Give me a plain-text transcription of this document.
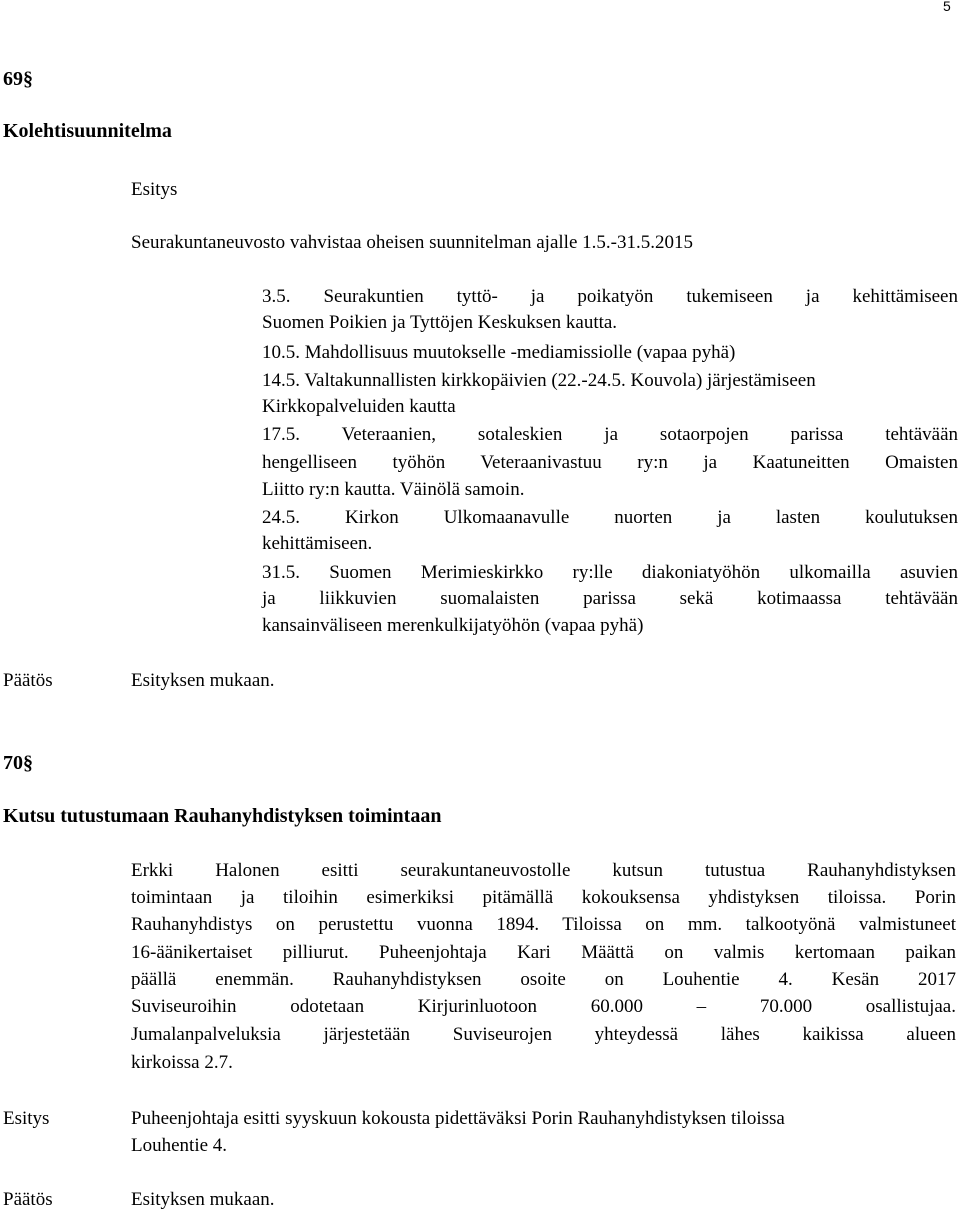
5
69§
Kolehtisuunnitelma
Esitys
Seurakuntaneuvosto vahvistaa oheisen suunnitelman ajalle 1.5.-31.5.2015
3.5. Seurakuntien tyttö- ja poikatyön tukemiseen ja kehittämiseen
Suomen Poikien ja Tyttöjen Keskuksen kautta.
10.5. Mahdollisuus muutokselle -mediamissiolle (vapaa pyhä)
14.5. Valtakunnallisten kirkkopäivien (22.-24.5. Kouvola) järjestämiseen
Kirkkopalveluiden kautta
17.5. Veteraanien, sotaleskien ja sotaorpojen parissa tehtävään
hengelliseen työhön Veteraanivastuu ry:n ja Kaatuneitten Omaisten
Liitto ry:n kautta. Väinölä samoin.
24.5. Kirkon Ulkomaanavulle nuorten ja lasten koulutuksen
kehittämiseen.
31.5. Suomen Merimieskirkko ry:lle diakoniatyöhön ulkomailla asuvien
ja liikkuvien suomalaisten parissa sekä kotimaassa tehtävään
kansainväliseen merenkulkijatyöhön (vapaa pyhä)
Päätös	Esityksen mukaan.
70§
Kutsu tutustumaan Rauhanyhdistyksen toimintaan
Erkki Halonen esitti seurakuntaneuvostolle kutsun tutustua Rauhanyhdistyksen
toimintaan ja tiloihin esimerkiksi pitämällä kokouksensa yhdistyksen tiloissa. Porin
Rauhanyhdistys on perustettu vuonna 1894. Tiloissa on mm. talkootyönä valmistuneet
16-äänikertaiset pilliurut. Puheenjohtaja Kari Määttä on valmis kertomaan paikan
päällä enemmän. Rauhanyhdistyksen osoite on Louhentie 4. Kesän 2017
Suviseuroihin odotetaan Kirjurinluotoon 60.000 – 70.000 osallistujaa.
Jumalanpalveluksia järjestetään Suviseurojen yhteydessä lähes kaikissa alueen
kirkoissa 2.7.
Esitys	Puheenjohtaja esitti syyskuun kokousta pidettäväksi Porin Rauhanyhdistyksen tiloissa
Louhentie 4.
Päätös	Esityksen mukaan.
